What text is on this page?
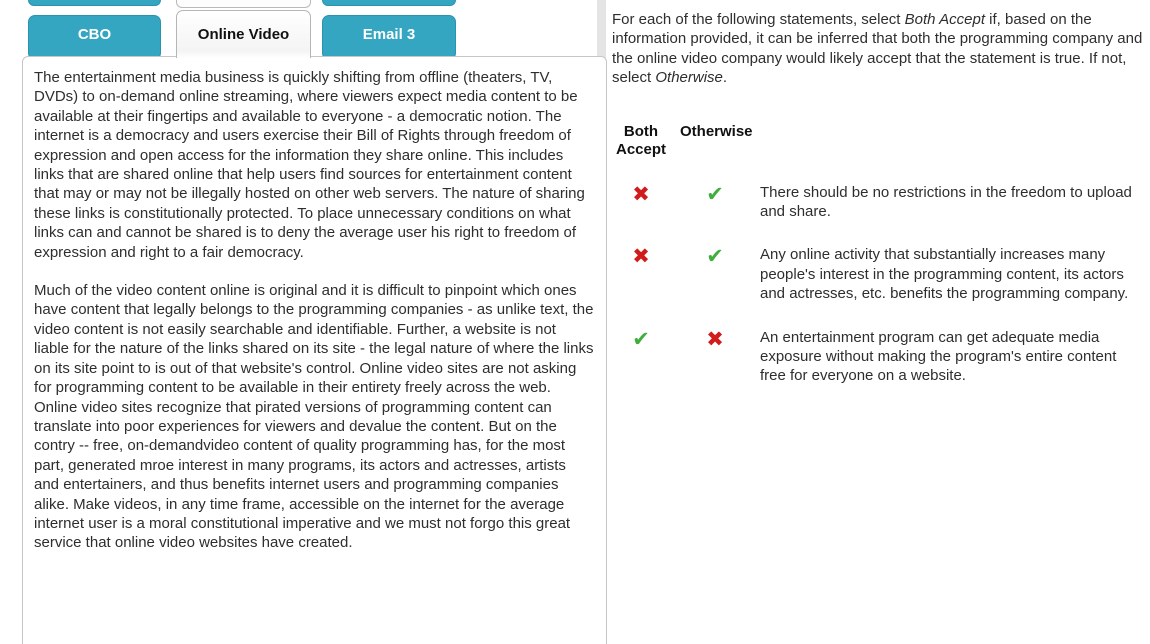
CBO	Online Video	Email 3

The entertainment media business is quickly shifting from offline (theaters, TV, DVDs) to on-demand online streaming, where viewers expect media content to be available at their fingertips and available to everyone - a democratic notion. The internet is a democracy and users exercise their Bill of Rights through freedom of expression and open access for the information they share online. This includes links that are shared online that help users find sources for entertainment content that may or may not be illegally hosted on other web servers. The nature of sharing these links is constitutionally protected. To place unnecessary conditions on what links can and cannot be shared is to deny the average user his right to freedom of expression and right to a fair democracy.

Much of the video content online is original and it is difficult to pinpoint which ones have content that legally belongs to the programming companies - as unlike text, the video content is not easily searchable and identifiable. Further, a website is not liable for the nature of the links shared on its site - the legal nature of where the links on its site point to is out of that website's control. Online video sites are not asking for programming content to be available in their entirety freely across the web. Online video sites recognize that pirated versions of programming content can translate into poor experiences for viewers and devalue the content. But on the contry -- free, on-demandvideo content of quality programming has, for the most part, generated mroe interest in many programs, its actors and actresses, artists and entertainers, and thus benefits internet users and programming companies alike. Make videos, in any time frame, accessible on the internet for the average internet user is a moral constitutional imperative and we must not forgo this great service that online video websites have created.

For each of the following statements, select Both Accept if, based on the information provided, it can be inferred that both the programming company and the online video company would likely accept that the statement is true. If not, select Otherwise.

Both
Accept
Otherwise
✖	✔	There should be no restrictions in the freedom to upload and share.
✖	✔	Any online activity that substantially increases many people's interest in the programming content, its actors and actresses, etc. benefits the programming company.
✔	✖	An entertainment program can get adequate media exposure without making the program's entire content free for everyone on a website.
